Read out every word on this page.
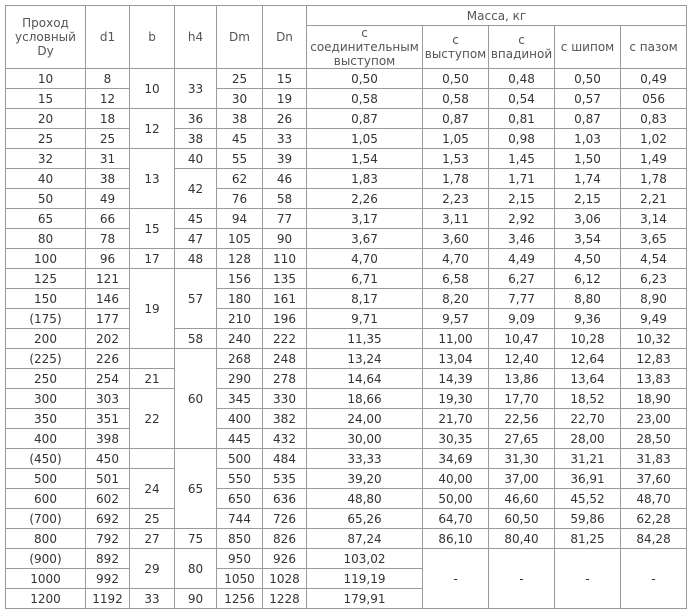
Проход условный Dy	d1	b	h4	Dm	Dn	Масса, кг				
						с соединительным выступом	с выступом	с впадиной	с шипом	с пазом
10	8	10	33	25	15	0,50	0,50	0,48	0,50	0,49
15	12			30	19	0,58	0,58	0,54	0,57	056
20	18	12	36	38	26	0,87	0,87	0,81	0,87	0,83
25	25		38	45	33	1,05	1,05	0,98	1,03	1,02
32	31	13	40	55	39	1,54	1,53	1,45	1,50	1,49
40	38		42	62	46	1,83	1,78	1,71	1,74	1,78
50	49			76	58	2,26	2,23	2,15	2,15	2,21
65	66	15	45	94	77	3,17	3,11	2,92	3,06	3,14
80	78		47	105	90	3,67	3,60	3,46	3,54	3,65
100	96	17	48	128	110	4,70	4,70	4,49	4,50	4,54
125	121	19	57	156	135	6,71	6,58	6,27	6,12	6,23
150	146			180	161	8,17	8,20	7,77	8,80	8,90
(175)	177			210	196	9,71	9,57	9,09	9,36	9,49
200	202		58	240	222	11,35	11,00	10,47	10,28	10,32
(225)	226		60	268	248	13,24	13,04	12,40	12,64	12,83
250	254	21		290	278	14,64	14,39	13,86	13,64	13,83
300	303	22		345	330	18,66	19,30	17,70	18,52	18,90
350	351			400	382	24,00	21,70	22,56	22,70	23,00
400	398			445	432	30,00	30,35	27,65	28,00	28,50
(450)	450		65	500	484	33,33	34,69	31,30	31,21	31,83
500	501	24		550	535	39,20	40,00	37,00	36,91	37,60
600	602			650	636	48,80	50,00	46,60	45,52	48,70
(700)	692	25		744	726	65,26	64,70	60,50	59,86	62,28
800	792	27	75	850	826	87,24	86,10	80,40	81,25	84,28
(900)	892	29	80	950	926	103,02	-	-	-	-
1000	992			1050	1028	119,19				
1200	1192	33	90	1256	1228	179,91				
